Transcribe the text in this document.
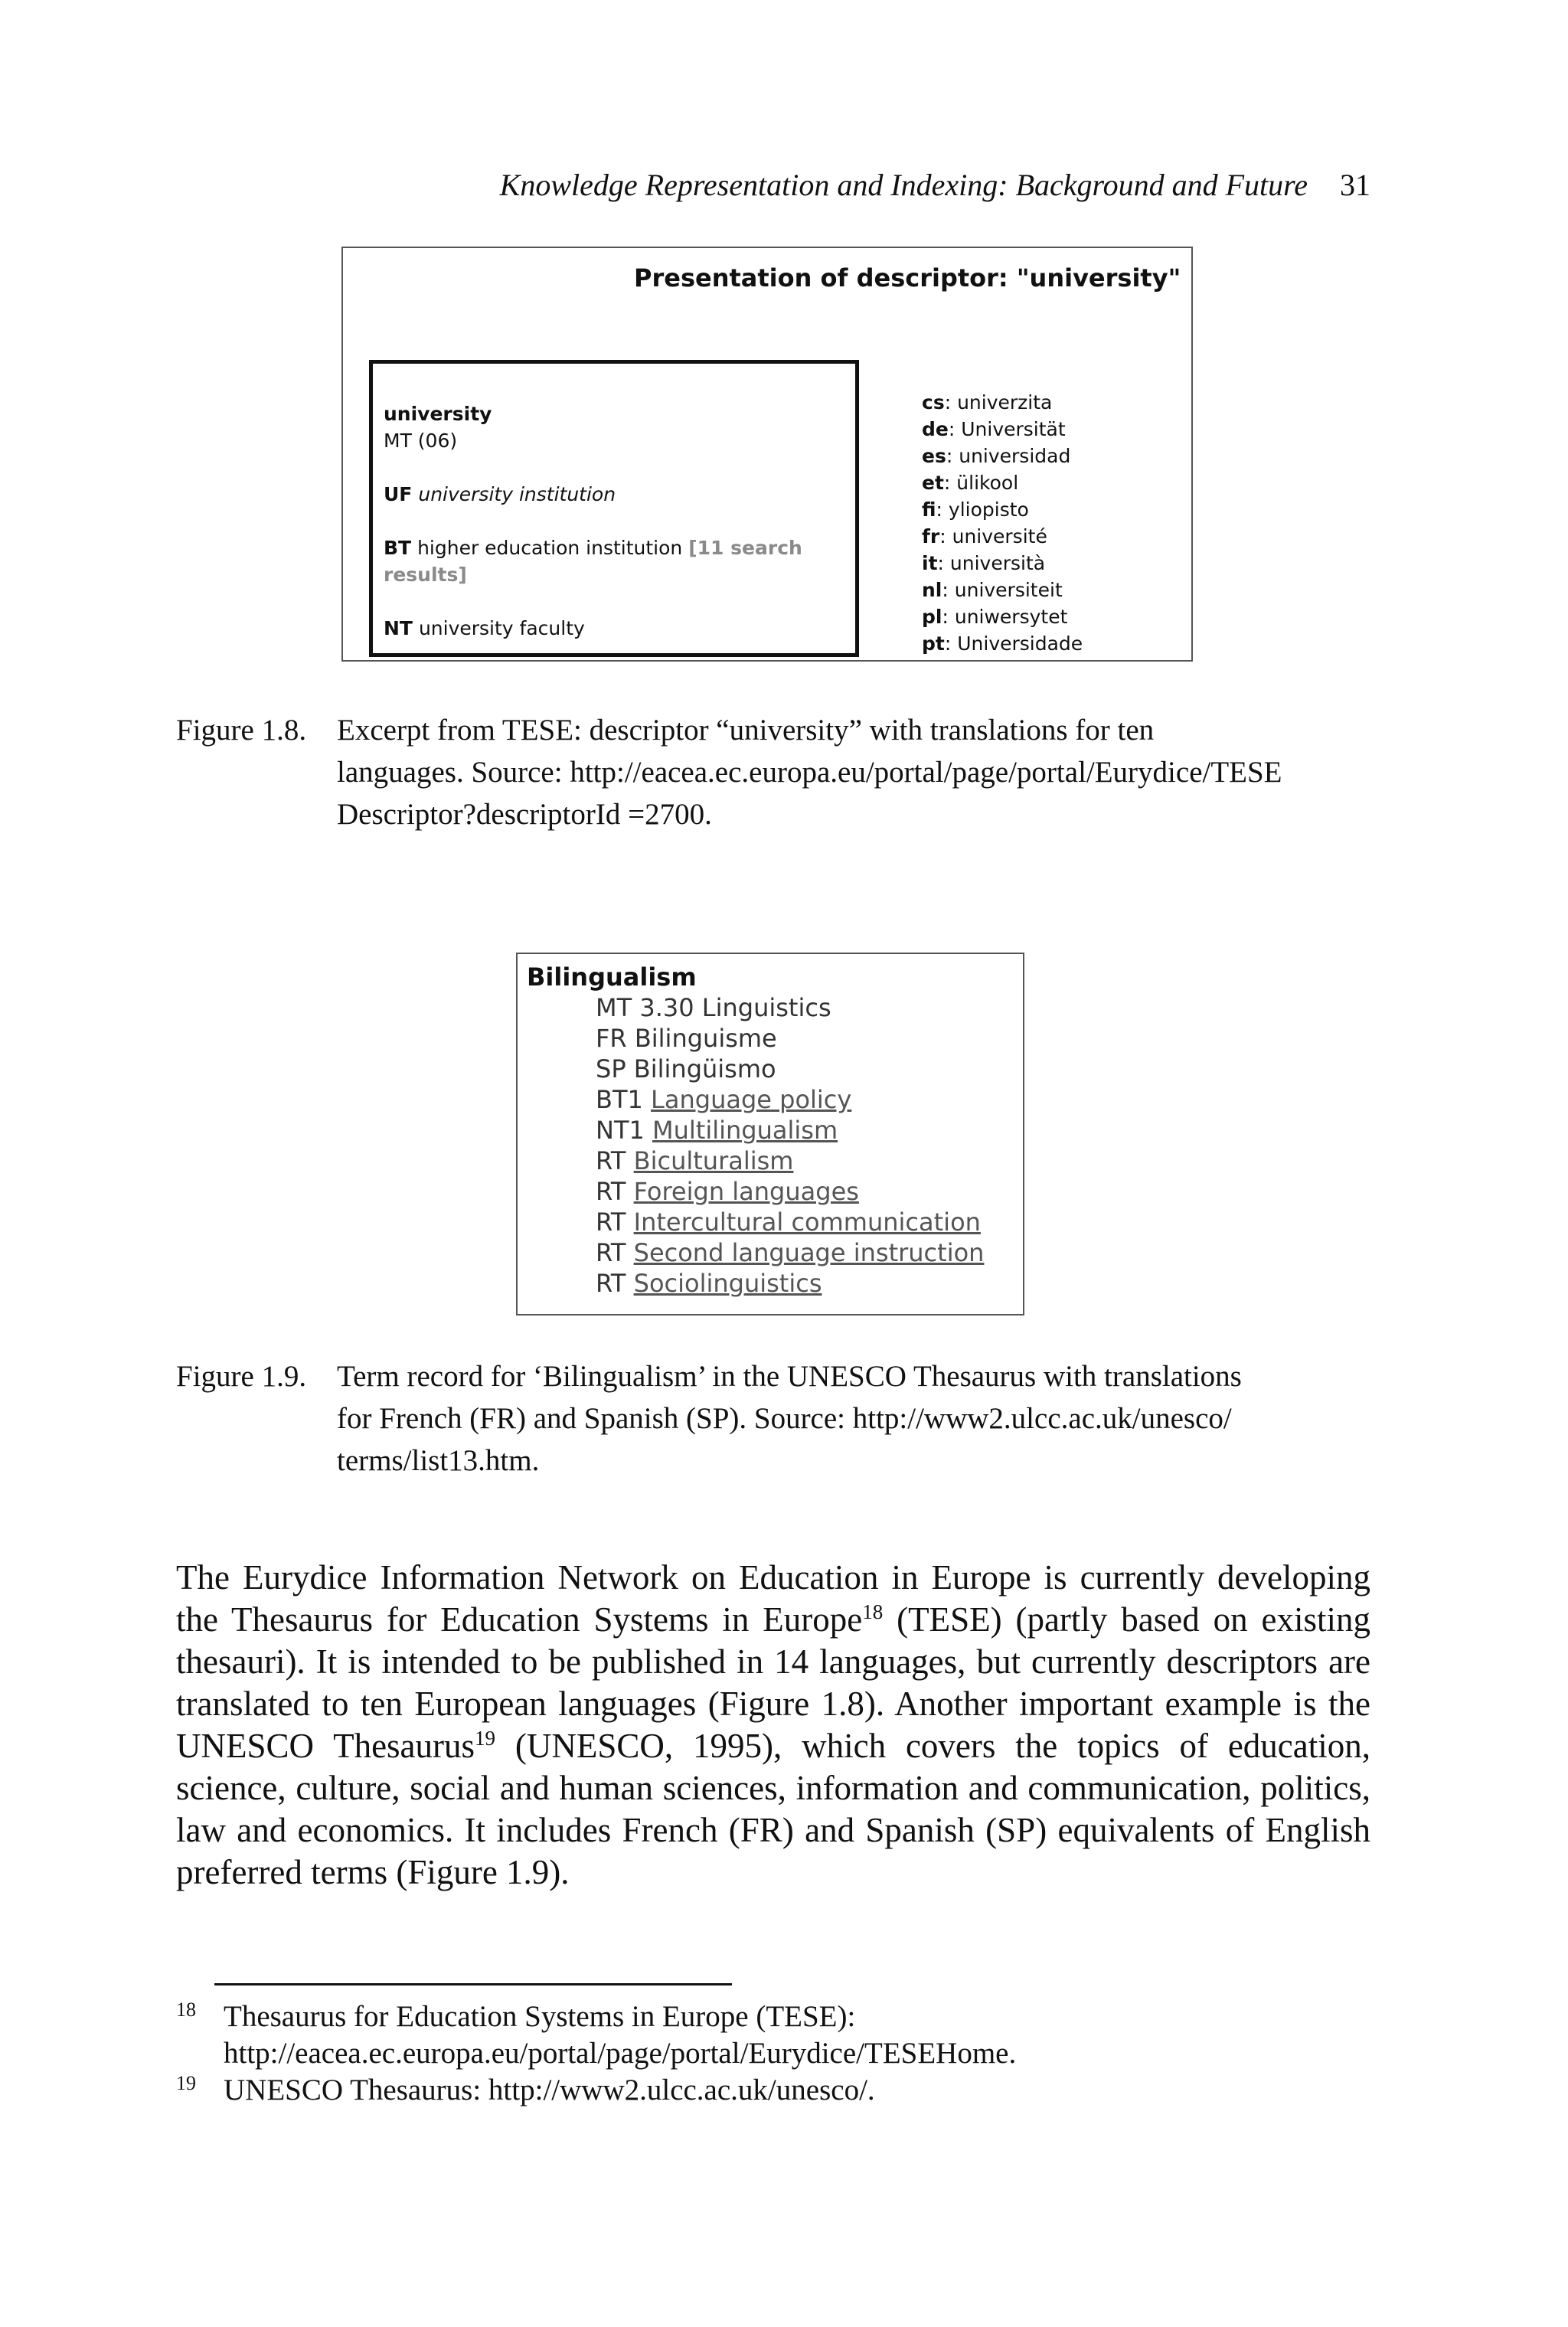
Knowledge Representation and Indexing: Background and Future 31
Presentation of descriptor: "university"
university
MT (06)
UF university institution
BT higher education institution [11 search results]
NT university faculty
cs: univerzita
de: Universität
es: universidad
et: ülikool
fi: yliopisto
fr: université
it: università
nl: universiteit
pl: uniwersytet
pt: Universidade
Figure 1.8.	Excerpt from TESE: descriptor “university” with translations for ten
languages. Source: http://eacea.ec.europa.eu/portal/page/portal/Eurydice/TESE
Descriptor?descriptorId =2700.
Bilingualism
MT 3.30 Linguistics
FR Bilinguisme
SP Bilingüismo
BT1 Language policy
NT1 Multilingualism
RT Biculturalism
RT Foreign languages
RT Intercultural communication
RT Second language instruction
RT Sociolinguistics
Figure 1.9.	Term record for ‘Bilingualism’ in the UNESCO Thesaurus with translations
for French (FR) and Spanish (SP). Source: http://www2.ulcc.ac.uk/unesco/
terms/list13.htm.
The Eurydice Information Network on Education in Europe is currently developing the Thesaurus for Education Systems in Europe$^{18}$ (TESE) (partly based on existing thesauri). It is intended to be published in 14 languages, but currently descriptors are translated to ten European languages (Figure 1.8). Another important example is the UNESCO Thesaurus$^{19}$ (UNESCO, 1995), which covers the topics of education, science, culture, social and human sciences, information and communication, politics, law and economics. It includes French (FR) and Spanish (SP) equivalents of English preferred terms (Figure 1.9).
18 Thesaurus for Education Systems in Europe (TESE):
http://eacea.ec.europa.eu/portal/page/portal/Eurydice/TESEHome.
19 UNESCO Thesaurus: http://www2.ulcc.ac.uk/unesco/.
